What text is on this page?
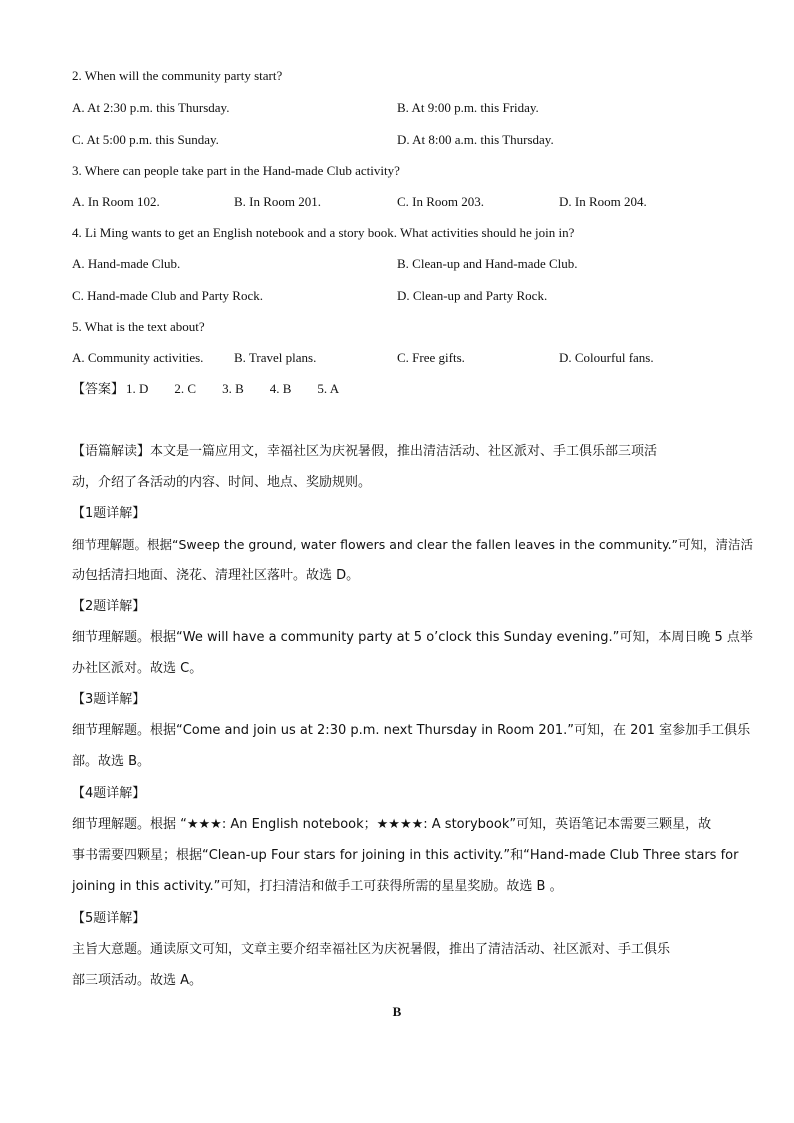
2. When will the community party start?
A. At 2:30 p.m. this Thursday.	B. At 9:00 p.m. this Friday.
C. At 5:00 p.m. this Sunday.	D. At 8:00 a.m. this Thursday.
3. Where can people take part in the Hand-made Club activity?
A. In Room 102.	B. In Room 201.	C. In Room 203.	D. In Room 204.
4. Li Ming wants to get an English notebook and a story book. What activities should he join in?
A. Hand-made Club.	B. Clean-up and Hand-made Club.
C. Hand-made Club and Party Rock.	D. Clean-up and Party Rock.
5. What is the text about?
A. Community activities. B. Travel plans.	C. Free gifts.	D. Colourful fans.
【答案】 1. D 2. C 3. B 4. B 5. A
【语篇解读】本文是一篇应用文，幸福社区为庆祝暑假，推出清洁活动、社区派对、手工俱乐部三项活
动，介绍了各活动的内容、时间、地点、奖励规则。
【1题详解】
细节理解题。根据“Sweep the ground, water flowers and clear the fallen leaves in the community.”可知，清洁活
动包括清扫地面、浇花、清理社区落叶。故选 D。
【2题详解】
细节理解题。根据“We will have a community party at 5 o’clock this Sunday evening.”可知，本周日晚 5 点举
办社区派对。故选 C。
【3题详解】
细节理解题。根据“Come and join us at 2:30 p.m. next Thursday in Room 201.”可知，在 201 室参加手工俱乐
部。故选 B。
【4题详解】
细节理解题。根据 “★★★: An English notebook；★★★★: A storybook”可知，英语笔记本需要三颗星，故
事书需要四颗星；根据“Clean-up Four stars for joining in this activity.”和“Hand-made Club Three stars for
joining in this activity.”可知，打扫清洁和做手工可获得所需的星星奖励。故选 B 。
【5题详解】
主旨大意题。通读原文可知，文章主要介绍幸福社区为庆祝暑假，推出了清洁活动、社区派对、手工俱乐
部三项活动。故选 A。
B
